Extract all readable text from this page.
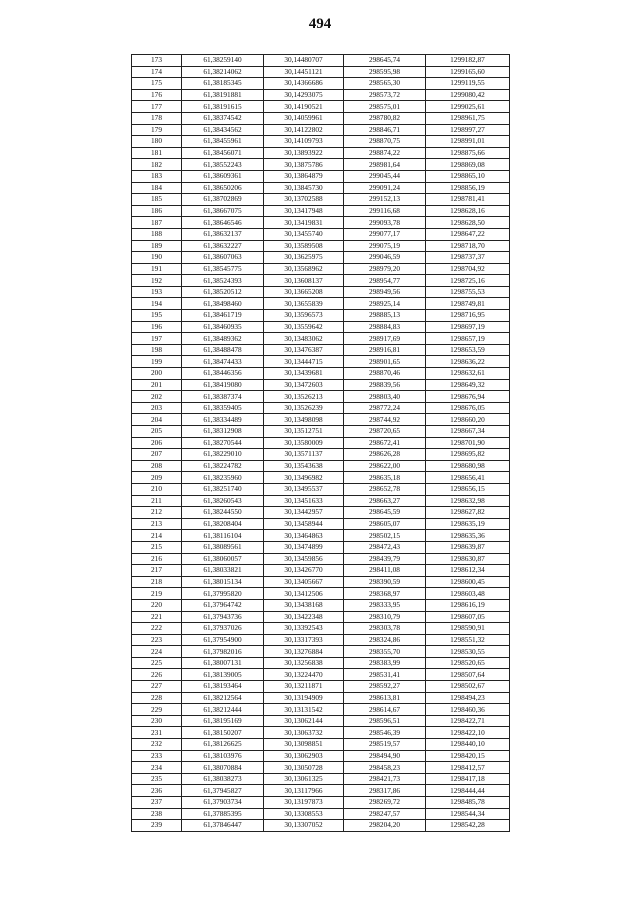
494
173	61,38259140	30,14480707	298645,74	1299182,87
174	61,38214062	30,14451121	298595,98	1299165,60
175	61,38185345	30,14366686	298565,30	1299119,55
176	61,38191881	30,14293075	298573,72	1299080,42
177	61,38191615	30,14190521	298575,01	1299025,61
178	61,38374542	30,14059961	298780,82	1298961,75
179	61,38434562	30,14122802	298846,71	1298997,27
180	61,38455961	30,14109793	298870,75	1298991,01
181	61,38456071	30,13893922	298874,22	1298875,66
182	61,38552243	30,13875786	298981,64	1298869,08
183	61,38609361	30,13864879	299045,44	1298865,10
184	61,38650206	30,13845730	299091,24	1298856,19
185	61,38702869	30,13702588	299152,13	1298781,41
186	61,38667075	30,13417948	299116,68	1298628,16
187	61,38646546	30,13419831	299093,78	1298628,50
188	61,38632137	30,13455740	299077,17	1298647,22
189	61,38632227	30,13589508	299075,19	1298718,70
190	61,38607063	30,13625975	299046,59	1298737,37
191	61,38545775	30,13568962	298979,20	1298704,92
192	61,38524393	30,13608137	298954,77	1298725,16
193	61,38520512	30,13665208	298949,56	1298755,53
194	61,38498460	30,13655839	298925,14	1298749,81
195	61,38461719	30,13596573	298885,13	1298716,95
196	61,38460935	30,13559642	298884,83	1298697,19
197	61,38489362	30,13483062	298917,69	1298657,19
198	61,38488478	30,13476387	298916,81	1298653,59
199	61,38474433	30,13444715	298901,65	1298636,22
200	61,38446356	30,13439681	298870,46	1298632,61
201	61,38419080	30,13472603	298839,56	1298649,32
202	61,38387374	30,13526213	298803,40	1298676,94
203	61,38359405	30,13526239	298772,24	1298676,05
204	61,38334489	30,13498098	298744,92	1298660,20
205	61,38312908	30,13512751	298720,65	1298667,34
206	61,38270544	30,13580009	298672,41	1298701,90
207	61,38229010	30,13571137	298626,28	1298695,82
208	61,38224782	30,13543638	298622,00	1298680,98
209	61,38235960	30,13496982	298635,18	1298656,41
210	61,38251740	30,13495537	298652,78	1298656,15
211	61,38260543	30,13451633	298663,27	1298632,98
212	61,38244550	30,13442957	298645,59	1298627,82
213	61,38208404	30,13458944	298605,07	1298635,19
214	61,38116104	30,13464863	298502,15	1298635,36
215	61,38089561	30,13474899	298472,43	1298639,87
216	61,38060057	30,13459856	298439,79	1298630,87
217	61,38033821	30,13426770	298411,08	1298612,34
218	61,38015134	30,13405667	298390,59	1298600,45
219	61,37995820	30,13412506	298368,97	1298603,48
220	61,37964742	30,13438168	298333,95	1298616,19
221	61,37943736	30,13422348	298310,79	1298607,05
222	61,37937026	30,13392543	298303,78	1298590,91
223	61,37954900	30,13317393	298324,86	1298551,32
224	61,37982016	30,13276884	298355,70	1298530,55
225	61,38007131	30,13256838	298383,99	1298520,65
226	61,38139005	30,13224470	298531,41	1298507,64
227	61,38193464	30,13211871	298592,27	1298502,67
228	61,38212564	30,13194909	298613,81	1298494,23
229	61,38212444	30,13131542	298614,67	1298460,36
230	61,38195169	30,13062144	298596,51	1298422,71
231	61,38150207	30,13063732	298546,39	1298422,10
232	61,38126625	30,13098851	298519,57	1298440,10
233	61,38103976	30,13062903	298494,90	1298420,15
234	61,38070884	30,13050728	298458,23	1298412,57
235	61,38038273	30,13061325	298421,73	1298417,18
236	61,37945827	30,13117966	298317,86	1298444,44
237	61,37903734	30,13197873	298269,72	1298485,78
238	61,37885395	30,13308553	298247,57	1298544,34
239	61,37846447	30,13307052	298204,20	1298542,28
